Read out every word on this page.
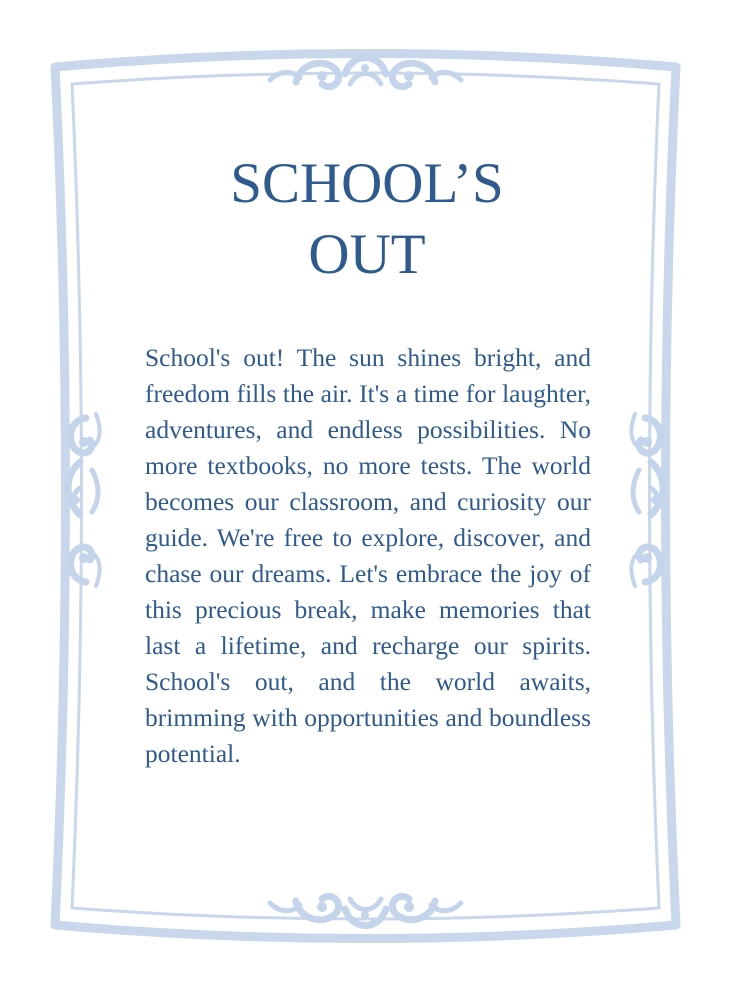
SCHOOL’S
OUT

School's out! The sun shines bright, and freedom fills the air. It's a time for laughter, adventures, and endless possibilities. No more textbooks, no more tests. The world becomes our classroom, and curiosity our guide. We're free to explore, discover, and chase our dreams. Let's embrace the joy of this precious break, make memories that last a lifetime, and recharge our spirits. School's out, and the world awaits, brimming with opportunities and boundless potential.
